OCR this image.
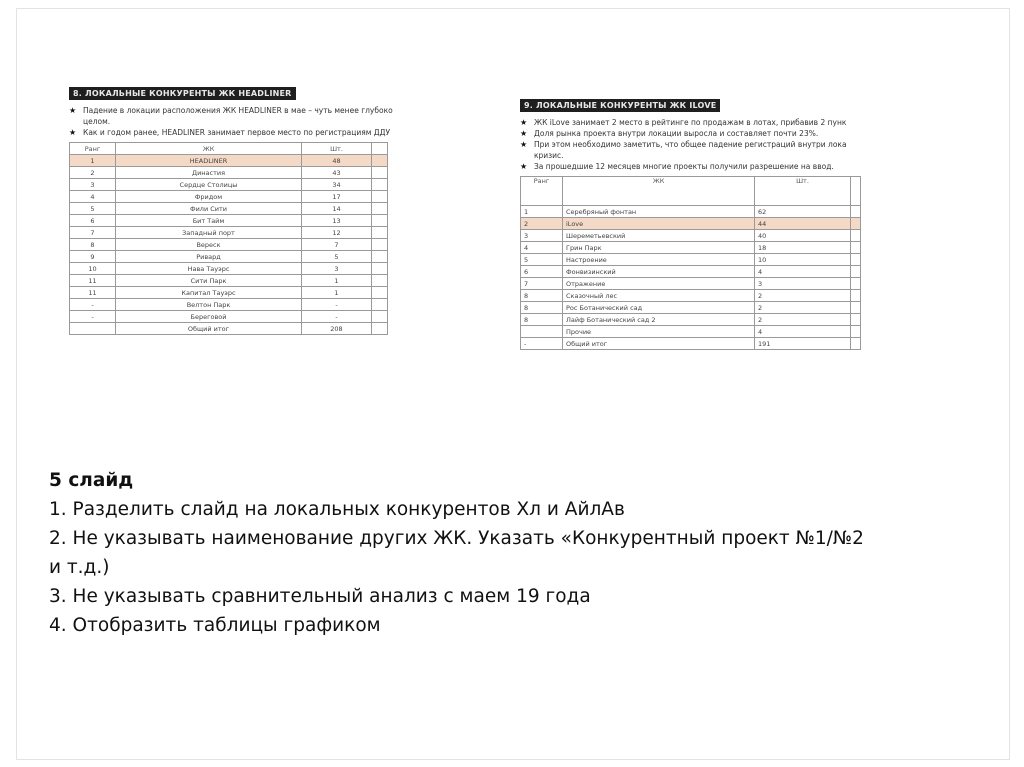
8. ЛОКАЛЬНЫЕ КОНКУРЕНТЫ ЖК HEADLINER
★ Падение в локации расположения ЖК HEADLINER в мае – чуть менее глубоко
целом.
★ Как и годом ранее, HEADLINER занимает первое место по регистрациям ДДУ
Ранг	ЖК	Шт.	
1	HEADLINER	48	
2	Династия	43	
3	Сердце Столицы	34	
4	Фридом	17	
5	Фили Сити	14	
6	Бит Тайм	13	
7	Западный порт	12	
8	Вереск	7	
9	Ривард	5	
10	Нава Тауэрс	3	
11	Сити Парк	1	
11	Капитал Тауэрс	1	
-	Велтон Парк	-	
-	Береговой	-	
	Общий итог	208	
9. ЛОКАЛЬНЫЕ КОНКУРЕНТЫ ЖК ILOVE
★ ЖК iLove занимает 2 место в рейтинге по продажам в лотах, прибавив 2 пунк
★ Доля рынка проекта внутри локации выросла и составляет почти 23%.
★ При этом необходимо заметить, что общее падение регистраций внутри лока
кризис.
★ За прошедшие 12 месяцев многие проекты получили разрешение на ввод.
Ранг	ЖК	Шт.	
1	Серебряный фонтан	62	
2	iLove	44	
3	Шереметьевский	40	
4	Грин Парк	18	
5	Настроение	10	
6	Фонвизинский	4	
7	Отражение	3	
8	Сказочный лес	2	
8	Рос Ботанический сад	2	
8	Лайф Ботанический сад 2	2	
	Прочие	4	
-	Общий итог	191	
5 слайд
1. Разделить слайд на локальных конкурентов Хл и АйлАв
2. Не указывать наименование других ЖК. Указать «Конкурентный проект №1/№2
и т.д.)
3. Не указывать сравнительный анализ с маем 19 года
4. Отобразить таблицы графиком
